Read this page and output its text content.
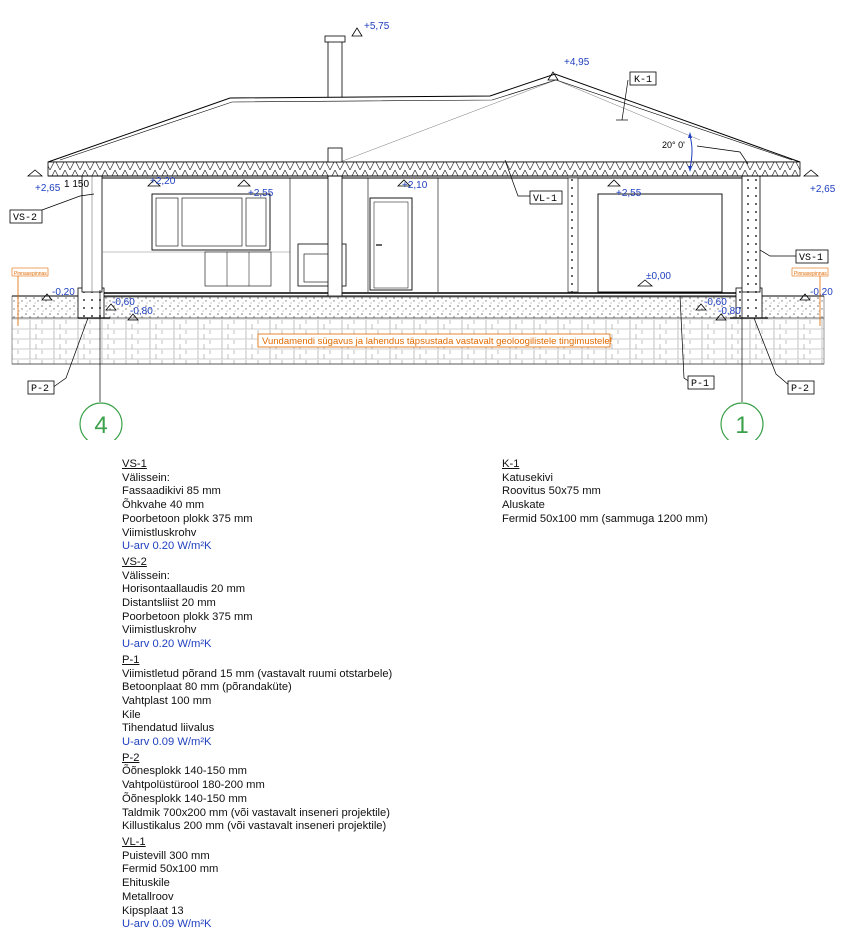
+5,75
+4,95
+2,65	+2,65
+2,20
+2,55
+2,10
+2,55
±0,00
-0,20	-0,20
-0,60
-0,80
-0,60
-0,80
1 150
20° 0'
K-1
VS-2
VL-1
VS-1
P-2	P-1	P-2
Vundamendi sügavus ja lahendus täpsustada vastavalt geoloogilistele tingimustele!
Pinnasepinnas	Pinnasepinnas
4	1
VS-1
Välissein:
Fassaadikivi 85 mm
Õhkvahe 40 mm
Poorbetoon plokk 375 mm
Viimistluskrohv
U-arv 0.20 W/m²K
VS-2
Välissein:
Horisontaallaudis 20 mm
Distantsliist 20 mm
Poorbetoon plokk 375 mm
Viimistluskrohv
U-arv 0.20 W/m²K
P-1
Viimistletud põrand 15 mm (vastavalt ruumi otstarbele)
Betoonplaat 80 mm (põrandaküte)
Vahtplast 100 mm
Kile
Tihendatud liivalus
U-arv 0.09 W/m²K
P-2
Õõnesplokk 140-150 mm
Vahtpolüstürool 180-200 mm
Õõnesplokk 140-150 mm
Taldmik 700x200 mm (või vastavalt inseneri projektile)
Killustikalus 200 mm (või vastavalt inseneri projektile)
VL-1
Puistevill 300 mm
Fermid 50x100 mm
Ehituskile
Metallroov
Kipsplaat 13
U-arv 0.09 W/m²K
K-1
Katusekivi
Roovitus 50x75 mm
Aluskate
Fermid 50x100 mm (sammuga 1200 mm)
